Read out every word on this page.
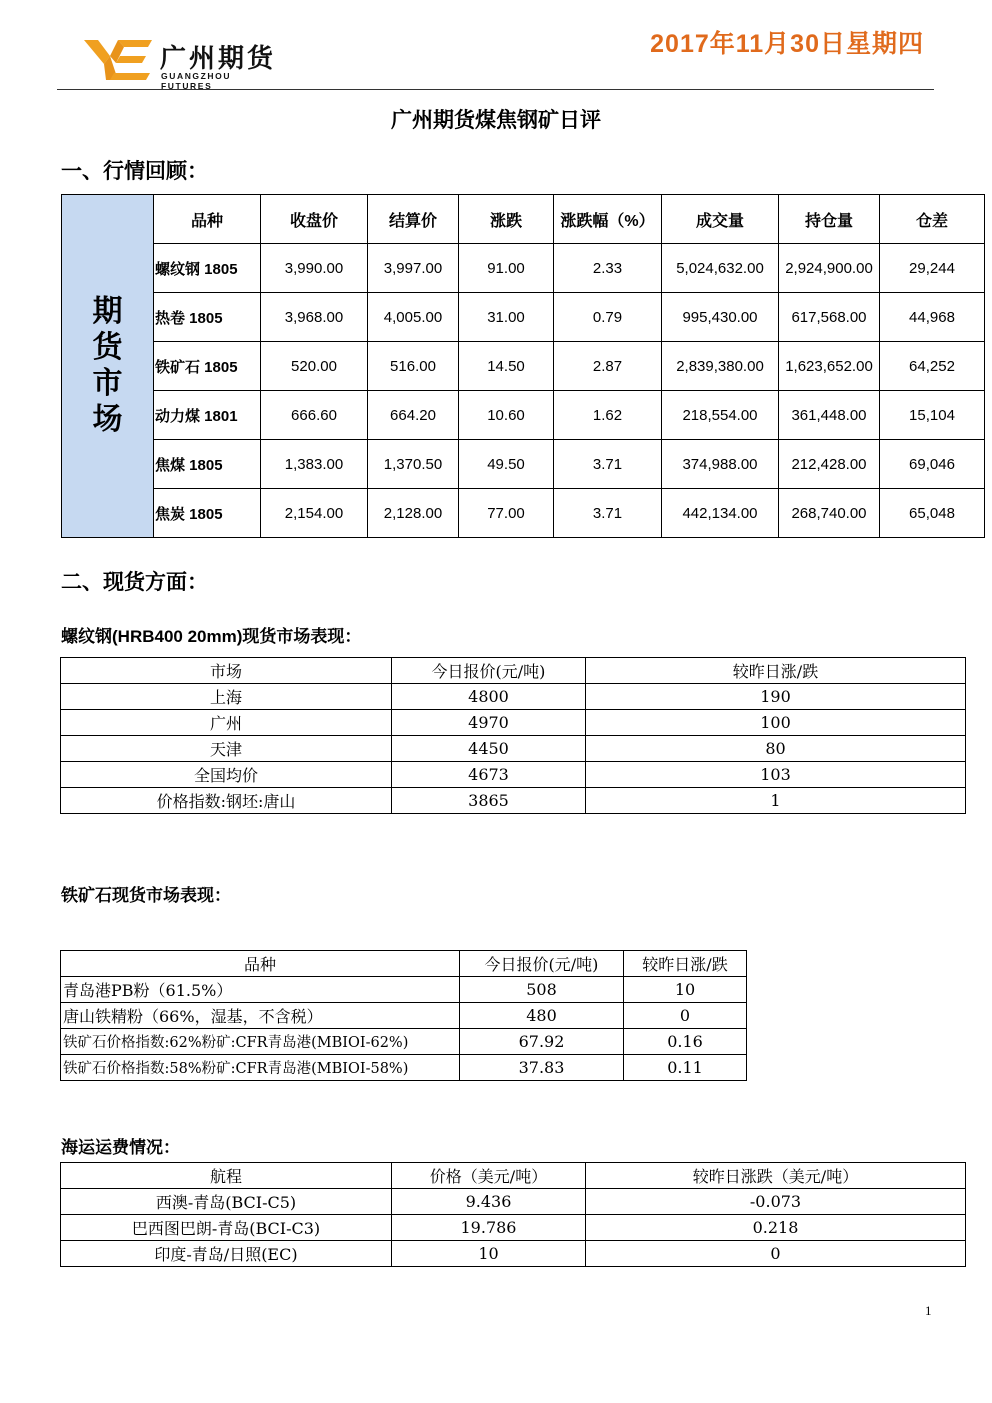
广州期货
GUANGZHOU FUTURES
2017年11月30日星期四
广州期货煤焦钢矿日评
一、行情回顾：
期货市场	品种	收盘价	结算价	涨跌	涨跌幅（%）	成交量	持仓量	仓差
	螺纹钢 1805	3,990.00	3,997.00	91.00	2.33	5,024,632.00	2,924,900.00	29,244
	热卷 1805	3,968.00	4,005.00	31.00	0.79	995,430.00	617,568.00	44,968
	铁矿石 1805	520.00	516.00	14.50	2.87	2,839,380.00	1,623,652.00	64,252
	动力煤 1801	666.60	664.20	10.60	1.62	218,554.00	361,448.00	15,104
	焦煤 1805	1,383.00	1,370.50	49.50	3.71	374,988.00	212,428.00	69,046
	焦炭 1805	2,154.00	2,128.00	77.00	3.71	442,134.00	268,740.00	65,048
二、现货方面：
螺纹钢(HRB400 20mm)现货市场表现：
市场	今日报价(元/吨)	较昨日涨/跌
上海	4800	190
广州	4970	100
天津	4450	80
全国均价	4673	103
价格指数:钢坯:唐山	3865	1
铁矿石现货市场表现：
品种	今日报价(元/吨)	较昨日涨/跌
青岛港PB粉（61.5%）	508	10
唐山铁精粉（66%，湿基，不含税）	480	0
铁矿石价格指数:62%粉矿:CFR青岛港(MBIOI-62%)	67.92	0.16
铁矿石价格指数:58%粉矿:CFR青岛港(MBIOI-58%)	37.83	0.11
海运运费情况：
航程	价格（美元/吨）	较昨日涨跌（美元/吨）
西澳-青岛(BCI-C5)	9.436	-0.073
巴西图巴朗-青岛(BCI-C3)	19.786	0.218
印度-青岛/日照(EC)	10	0
1
